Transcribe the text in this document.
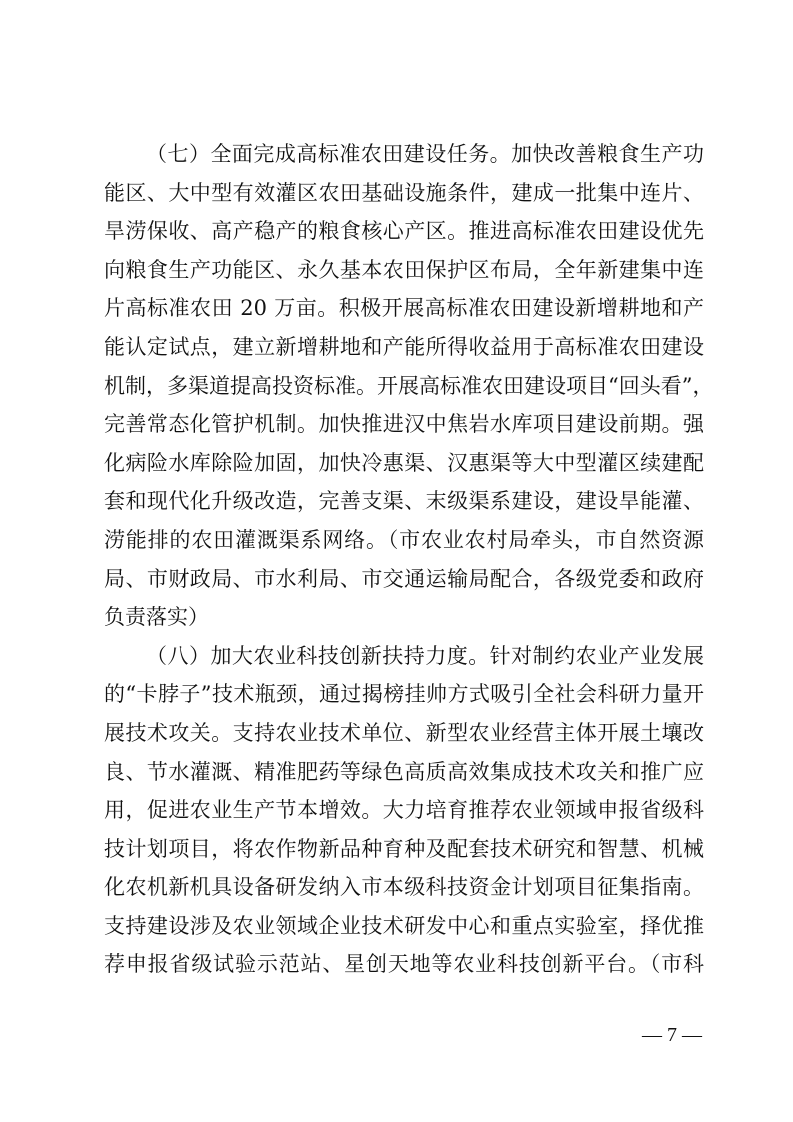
（七）全面完成高标准农田建设任务。加快改善粮食生产功
能区、大中型有效灌区农田基础设施条件，建成一批集中连片、
旱涝保收、高产稳产的粮食核心产区。推进高标准农田建设优先
向粮食生产功能区、永久基本农田保护区布局，全年新建集中连
片高标准农田 20 万亩。积极开展高标准农田建设新增耕地和产
能认定试点，建立新增耕地和产能所得收益用于高标准农田建设
机制，多渠道提高投资标准。开展高标准农田建设项目“回头看”，
完善常态化管护机制。加快推进汉中焦岩水库项目建设前期。强
化病险水库除险加固，加快冷惠渠、汉惠渠等大中型灌区续建配
套和现代化升级改造，完善支渠、末级渠系建设，建设旱能灌、
涝能排的农田灌溉渠系网络。（市农业农村局牵头，市自然资源
局、市财政局、市水利局、市交通运输局配合，各级党委和政府
负责落实）
（八）加大农业科技创新扶持力度。针对制约农业产业发展
的“卡脖子”技术瓶颈，通过揭榜挂帅方式吸引全社会科研力量开
展技术攻关。支持农业技术单位、新型农业经营主体开展土壤改
良、节水灌溉、精准肥药等绿色高质高效集成技术攻关和推广应
用，促进农业生产节本增效。大力培育推荐农业领域申报省级科
技计划项目，将农作物新品种育种及配套技术研究和智慧、机械
化农机新机具设备研发纳入市本级科技资金计划项目征集指南。
支持建设涉及农业领域企业技术研发中心和重点实验室，择优推
荐申报省级试验示范站、星创天地等农业科技创新平台。（市科
— 7 —
